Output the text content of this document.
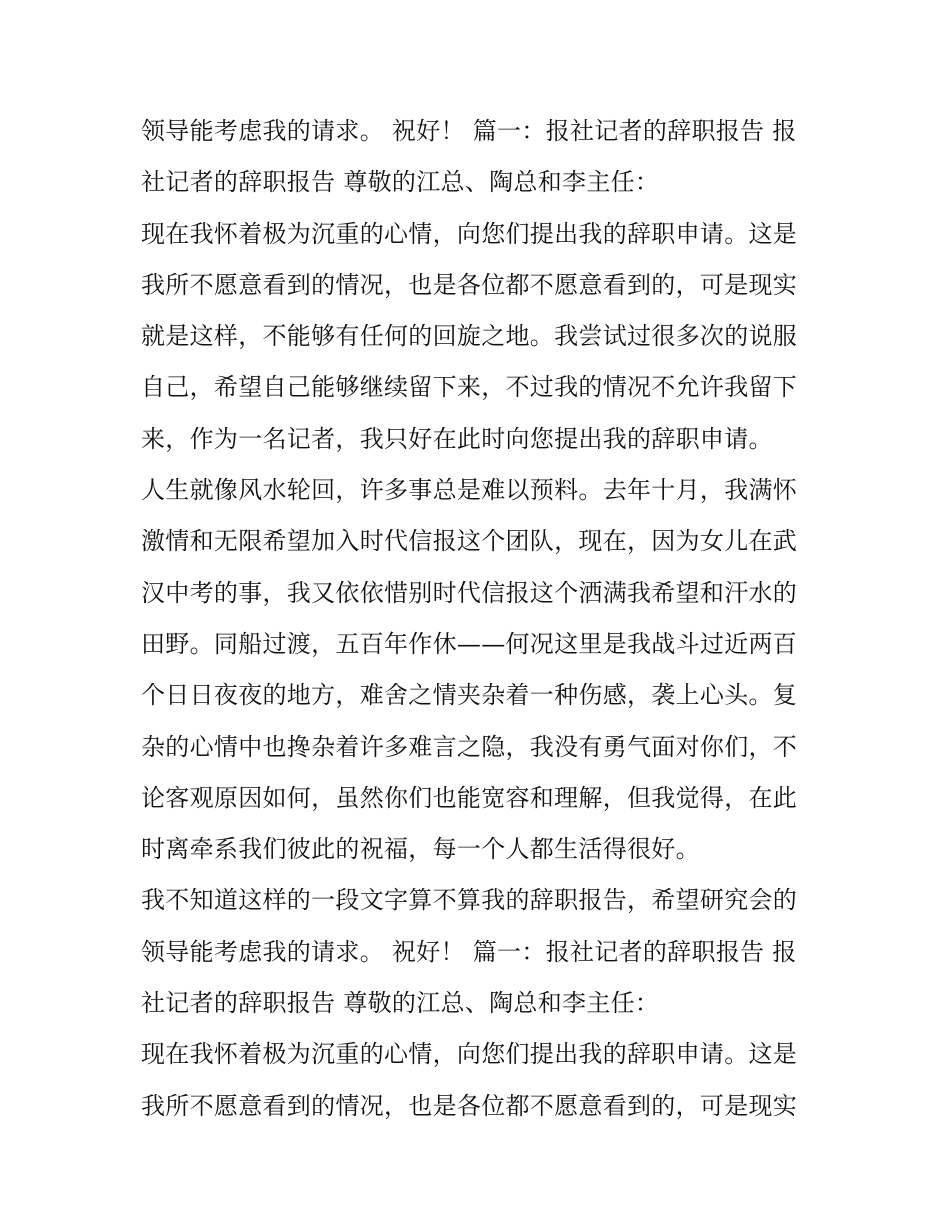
领导能考虑我的请求。 祝好！ 篇一：报社记者的辞职报告 报
社记者的辞职报告 尊敬的江总、陶总和李主任：
现在我怀着极为沉重的心情，向您们提出我的辞职申请。这是
我所不愿意看到的情况，也是各位都不愿意看到的，可是现实
就是这样，不能够有任何的回旋之地。我尝试过很多次的说服
自己，希望自己能够继续留下来，不过我的情况不允许我留下
来，作为一名记者，我只好在此时向您提出我的辞职申请。
人生就像风水轮回，许多事总是难以预料。去年十月，我满怀
激情和无限希望加入时代信报这个团队，现在，因为女儿在武
汉中考的事，我又依依惜别时代信报这个洒满我希望和汗水的
田野。同船过渡，五百年作休——何况这里是我战斗过近两百
个日日夜夜的地方，难舍之情夹杂着一种伤感，袭上心头。复
杂的心情中也搀杂着许多难言之隐，我没有勇气面对你们，不
论客观原因如何，虽然你们也能宽容和理解，但我觉得，在此
时离牵系我们彼此的祝福，每一个人都生活得很好。
我不知道这样的一段文字算不算我的辞职报告，希望研究会的
领导能考虑我的请求。 祝好！ 篇一：报社记者的辞职报告 报
社记者的辞职报告 尊敬的江总、陶总和李主任：
现在我怀着极为沉重的心情，向您们提出我的辞职申请。这是
我所不愿意看到的情况，也是各位都不愿意看到的，可是现实
